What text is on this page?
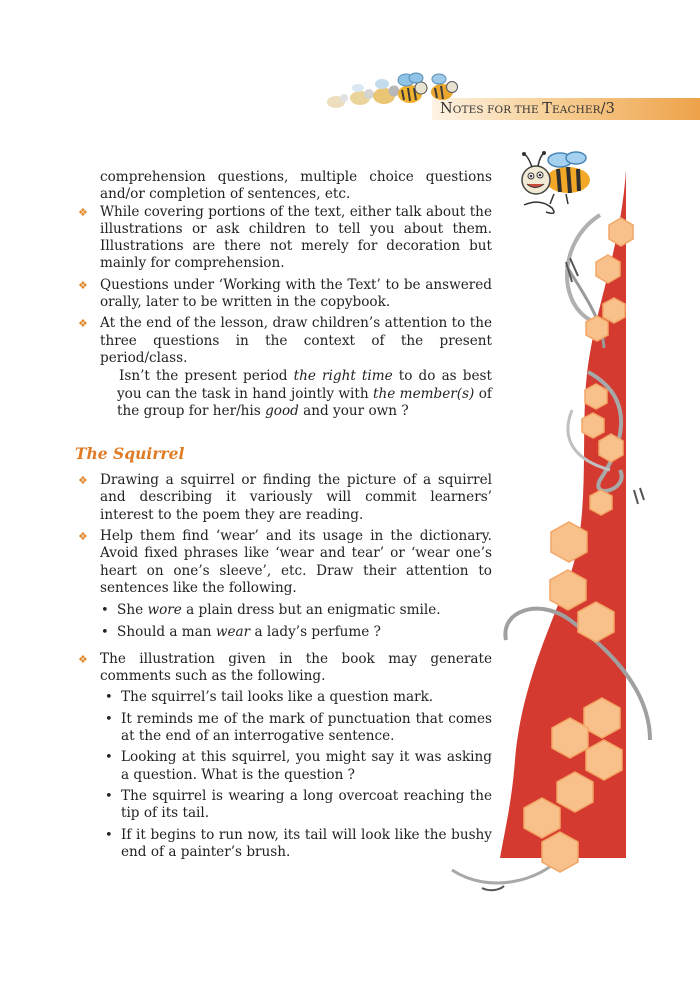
NOTES FOR THE TEACHER/3

comprehension questions, multiple choice questions and/or completion of sentences, etc.

❖ While covering portions of the text, either talk about the illustrations or ask children to tell you about them. Illustrations are there not merely for decoration but mainly for comprehension.
❖ Questions under ‘Working with the Text’ to be answered orally, later to be written in the copybook.
❖ At the end of the lesson, draw children’s attention to the three questions in the context of the present period/class.

Isn’t the present period the right time to do as best you can the task in hand jointly with the member(s) of the group for her/his good and your own ?

The Squirrel
❖ Drawing a squirrel or finding the picture of a squirrel and describing it variously will commit learners’ interest to the poem they are reading.
❖ Help them find ‘wear’ and its usage in the dictionary. Avoid fixed phrases like ‘wear and tear’ or ‘wear one’s heart on one’s sleeve’, etc. Draw their attention to sentences like the following.
• She wore a plain dress but an enigmatic smile.
• Should a man wear a lady’s perfume ?
❖ The illustration given in the book may generate comments such as the following.
• The squirrel’s tail looks like a question mark.
• It reminds me of the mark of punctuation that comes at the end of an interrogative sentence.
• Looking at this squirrel, you might say it was asking a question. What is the question ?
• The squirrel is wearing a long overcoat reaching the tip of its tail.
• If it begins to run now, its tail will look like the bushy end of a painter’s brush.
